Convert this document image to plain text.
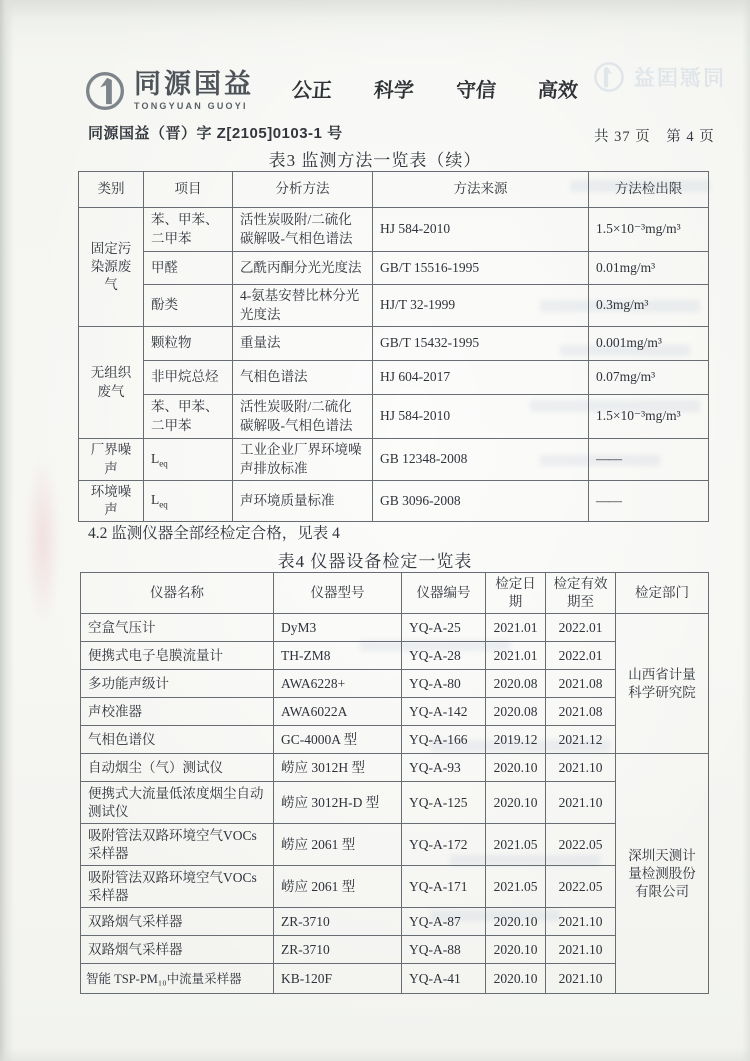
同源国益
同源国益
TONGYUAN GUOYI
公正 科学 守信 高效
同源国益（晋）字 Z[2105]0103-1 号	共 37 页　第 4 页
表3 监测方法一览表（续）
类别	项目	分析方法	方法来源	方法检出限
固定污染源废气	苯、甲苯、二甲苯	活性炭吸附/二硫化碳解吸-气相色谱法	HJ 584-2010	1.5×10⁻³mg/m³
	甲醛	乙酰丙酮分光光度法	GB/T 15516-1995	0.01mg/m³
	酚类	4-氨基安替比林分光光度法	HJ/T 32-1999	0.3mg/m³
无组织废气	颗粒物	重量法	GB/T 15432-1995	0.001mg/m³
	非甲烷总烃	气相色谱法	HJ 604-2017	0.07mg/m³
	苯、甲苯、二甲苯	活性炭吸附/二硫化碳解吸-气相色谱法	HJ 584-2010	1.5×10⁻³mg/m³
厂界噪声	$L_{eq}$	工业企业厂界环境噪声排放标准	GB 12348-2008	——
环境噪声	$L_{eq}$	声环境质量标准	GB 3096-2008	——
4.2 监测仪器全部经检定合格，见表 4
表4 仪器设备检定一览表
仪器名称	仪器型号	仪器编号	检定日期	检定有效期至	检定部门
空盒气压计	DyM3	YQ-A-25	2021.01	2022.01	山西省计量科学研究院
便携式电子皂膜流量计	TH-ZM8	YQ-A-28	2021.01	2022.01	
多功能声级计	AWA6228+	YQ-A-80	2020.08	2021.08	
声校准器	AWA6022A	YQ-A-142	2020.08	2021.08	
气相色谱仪	GC-4000A 型	YQ-A-166	2019.12	2021.12	
自动烟尘（气）测试仪	崂应 3012H 型	YQ-A-93	2020.10	2021.10	深圳天测计量检测股份有限公司
便携式大流量低浓度烟尘自动测试仪	崂应 3012H-D 型	YQ-A-125	2020.10	2021.10	
吸附管法双路环境空气VOCs 采样器	崂应 2061 型	YQ-A-172	2021.05	2022.05	
吸附管法双路环境空气VOCs 采样器	崂应 2061 型	YQ-A-171	2021.05	2022.05	
双路烟气采样器	ZR-3710	YQ-A-87	2020.10	2021.10	
双路烟气采样器	ZR-3710	YQ-A-88	2020.10	2021.10	
智能 TSP-PM₁₀中流量采样器	KB-120F	YQ-A-41	2020.10	2021.10	
